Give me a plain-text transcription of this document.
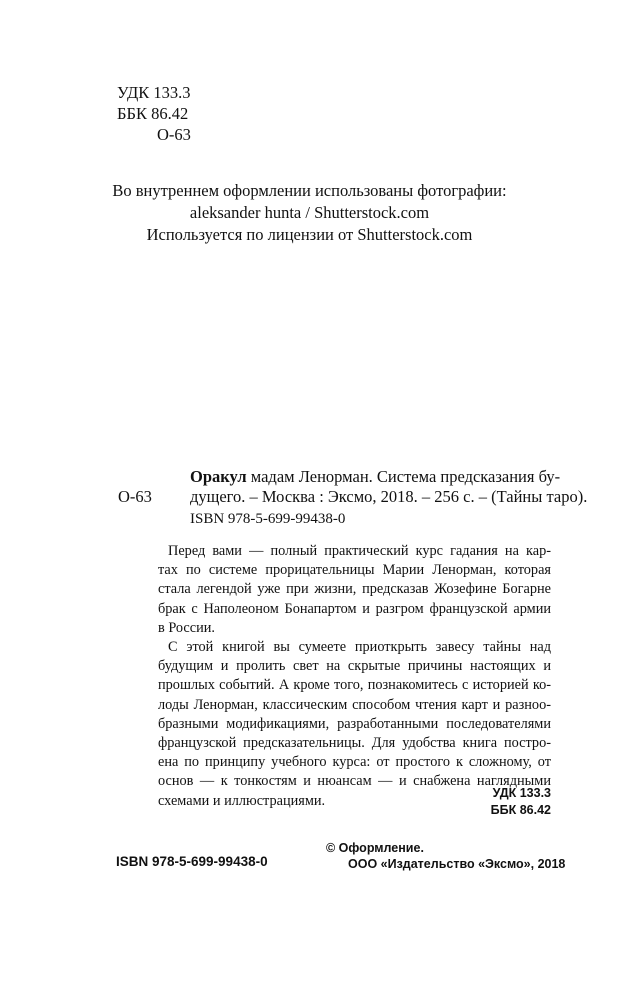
УДК 133.3
ББК 86.42
О-63
Во внутреннем оформлении использованы фотографии:
aleksander hunta / Shutterstock.com
Используется по лицензии от Shutterstock.com
О-63
Оракул мадам Ленорман. Система предсказания бу-
дущего. – Москва : Эксмо, 2018. – 256 с. – (Тайны таро).
ISBN 978-5-699-99438-0
Перед вами — полный практический курс гадания на кар-
тах по системе прорицательницы Марии Ленорман, которая
стала легендой уже при жизни, предсказав Жозефине Богарне
брак с Наполеоном Бонапартом и разгром французской армии
в России.
С этой книгой вы сумеете приоткрыть завесу тайны над
будущим и пролить свет на скрытые причины настоящих и
прошлых событий. А кроме того, познакомитесь с историей ко-
лоды Ленорман, классическим способом чтения карт и разноо-
бразными модификациями, разработанными последователями
французской предсказательницы. Для удобства книга постро-
ена по принципу учебного курса: от простого к сложному, от
основ — к тонкостям и нюансам — и снабжена наглядными
схемами и иллюстрациями.	УДК 133.3
ББК 86.42
ISBN 978-5-699-99438-0
© Оформление.
ООО «Издательство «Эксмо», 2018
